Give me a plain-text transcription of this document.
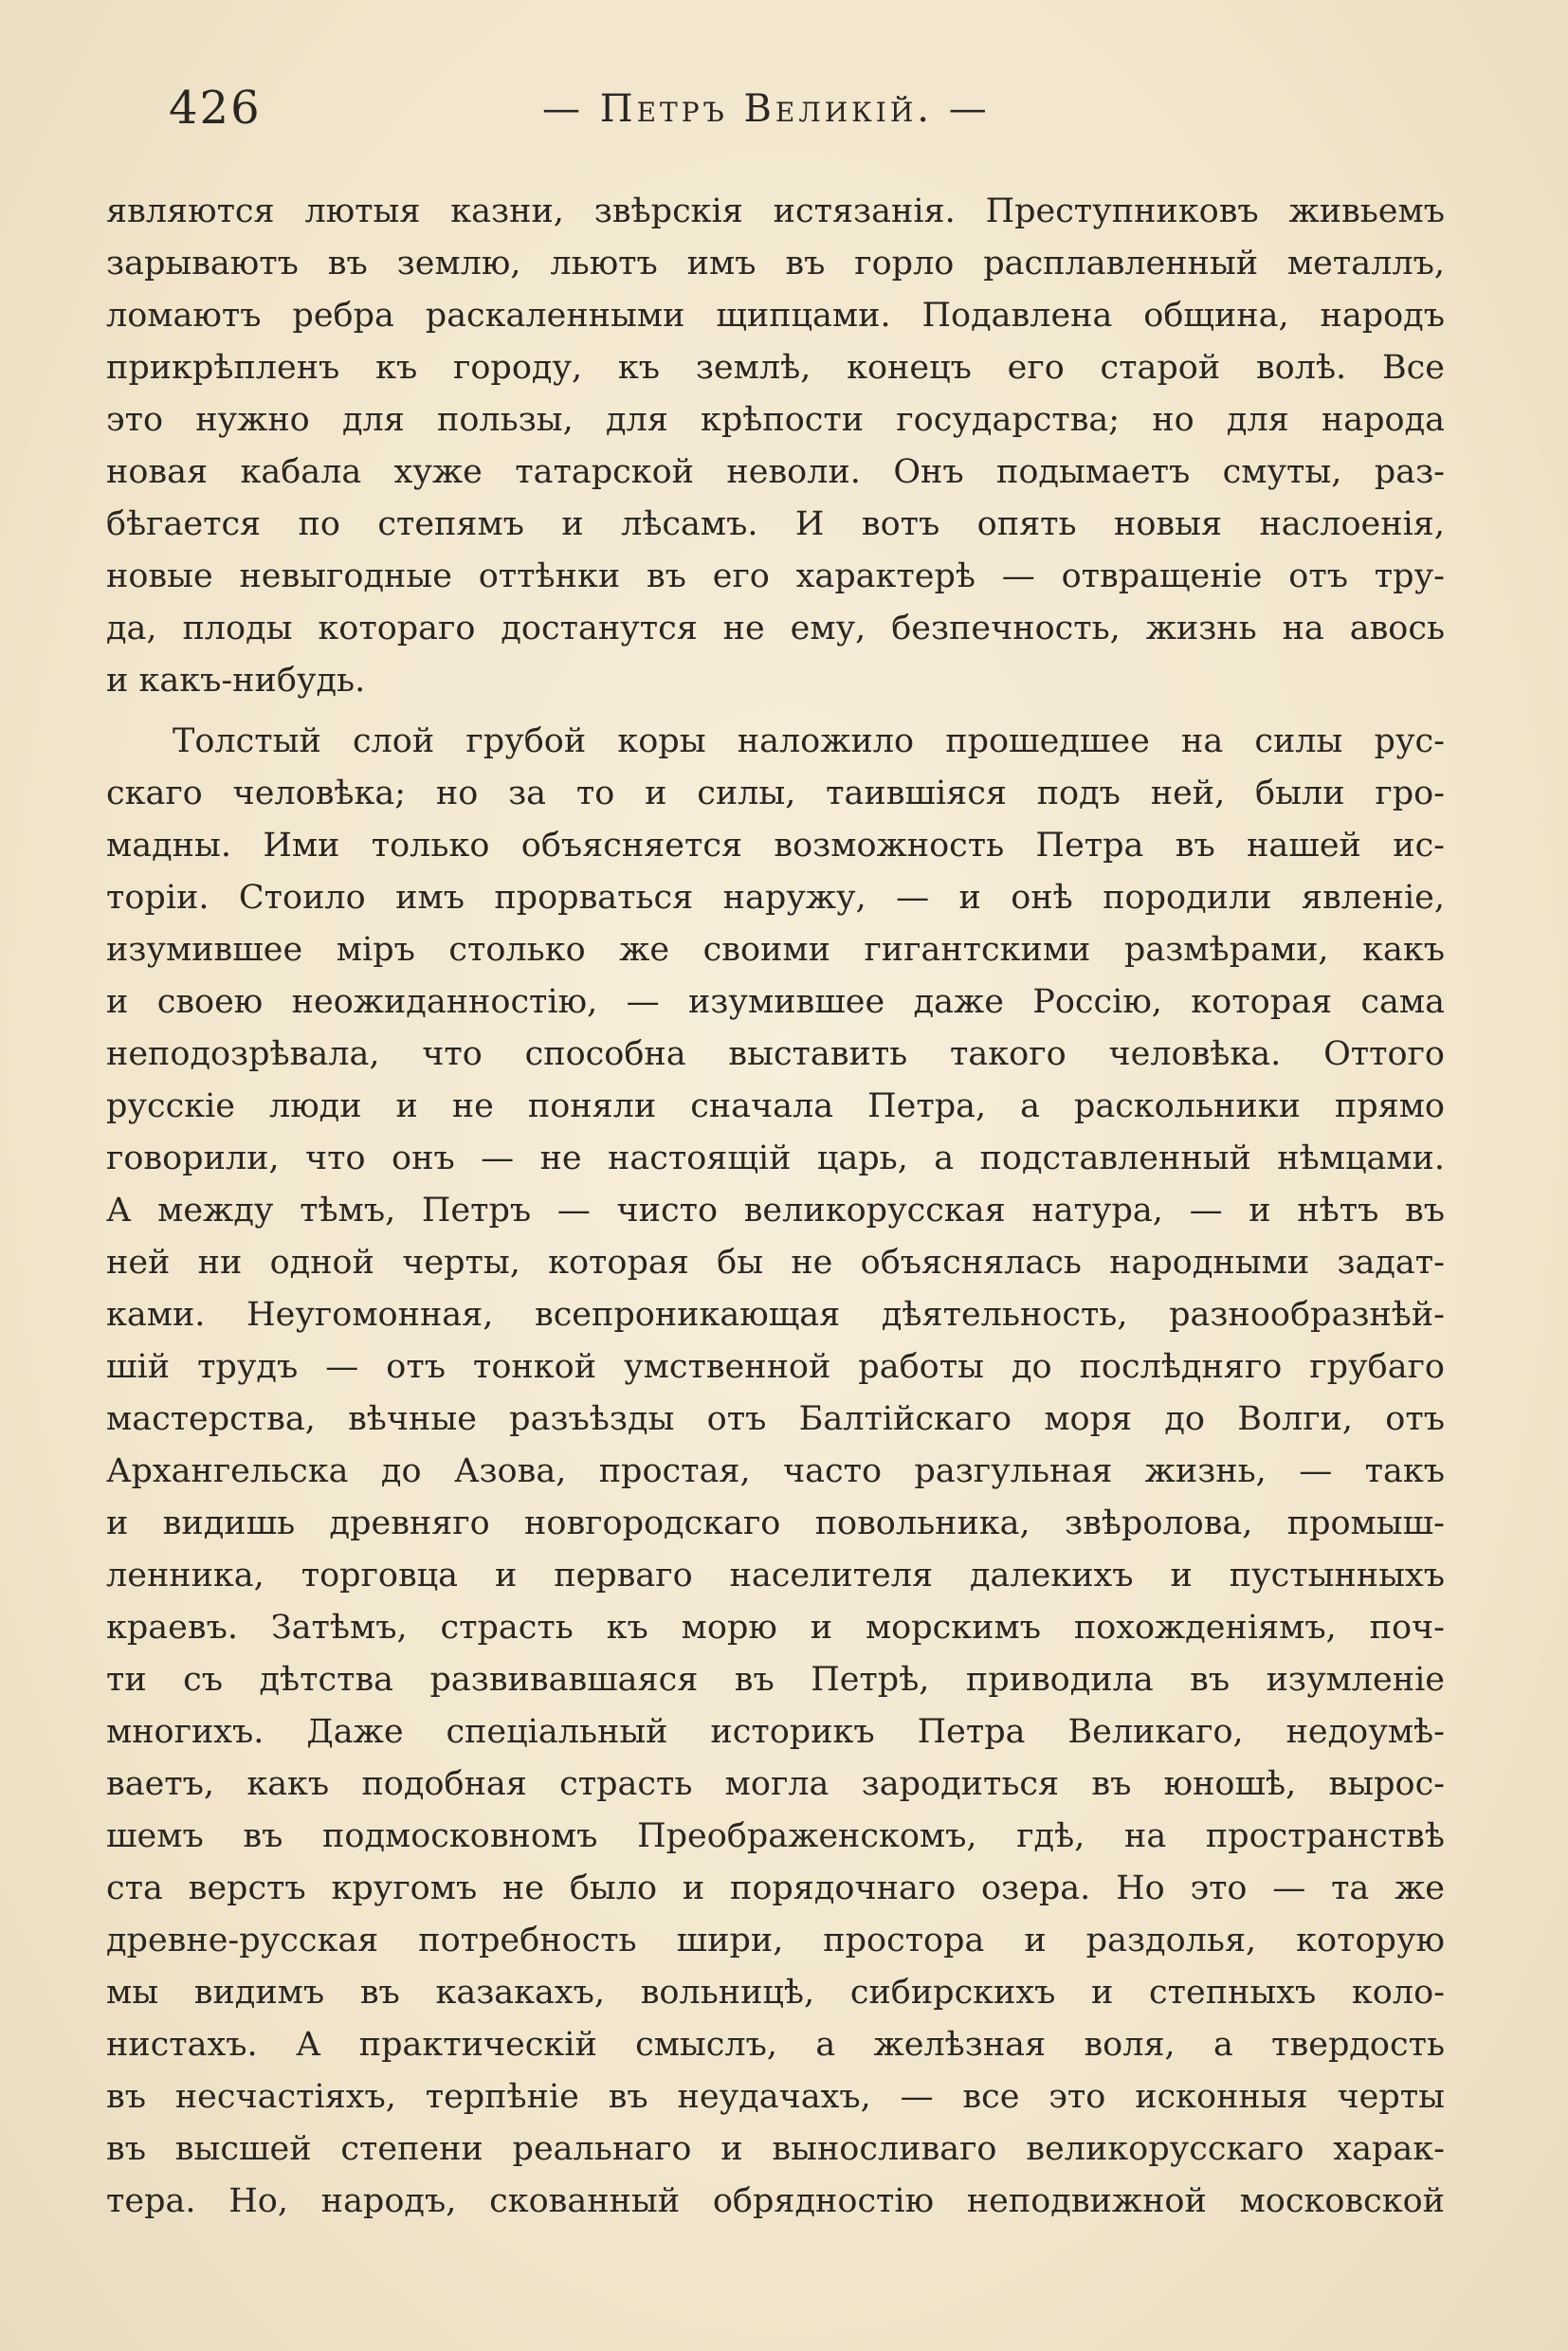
426	— Петръ Великій. —
являются лютыя казни, звѣрскія истязанія. Преступниковъ живьемъ
зарываютъ въ землю, льютъ имъ въ горло расплавленный металлъ,
ломаютъ ребра раскаленными щипцами. Подавлена община, народъ
прикрѣпленъ къ городу, къ землѣ, конецъ его старой волѣ. Все
это нужно для пользы, для крѣпости государства; но для народа
новая кабала хуже татарской неволи. Онъ подымаетъ смуты, раз-
бѣгается по степямъ и лѣсамъ. И вотъ опять новыя наслоенія,
новые невыгодные оттѣнки въ его характерѣ — отвращеніе отъ тру-
да, плоды котораго достанутся не ему, безпечность, жизнь на авось
и какъ-нибудь.
Толстый слой грубой коры наложило прошедшее на силы рус-
скаго человѣка; но за то и силы, таившіяся подъ ней, были гро-
мадны. Ими только объясняется возможность Петра въ нашей ис-
торіи. Стоило имъ прорваться наружу, — и онѣ породили явленіе,
изумившее міръ столько же своими гигантскими размѣрами, какъ
и своею неожиданностію, — изумившее даже Россію, которая сама
неподозрѣвала, что способна выставить такого человѣка. Оттого
русскіе люди и не поняли сначала Петра, а раскольники прямо
говорили, что онъ — не настоящій царь, а подставленный нѣмцами.
А между тѣмъ, Петръ — чисто великорусская натура, — и нѣтъ въ
ней ни одной черты, которая бы не объяснялась народными задат-
ками. Неугомонная, всепроникающая дѣятельность, разнообразнѣй-
шій трудъ — отъ тонкой умственной работы до послѣдняго грубаго
мастерства, вѣчные разъѣзды отъ Балтійскаго моря до Волги, отъ
Архангельска до Азова, простая, часто разгульная жизнь, — такъ
и видишь древняго новгородскаго повольника, звѣролова, промыш-
ленника, торговца и перваго населителя далекихъ и пустынныхъ
краевъ. Затѣмъ, страсть къ морю и морскимъ похожденіямъ, поч-
ти съ дѣтства развивавшаяся въ Петрѣ, приводила въ изумленіе
многихъ. Даже спеціальный историкъ Петра Великаго, недоумѣ-
ваетъ, какъ подобная страсть могла зародиться въ юношѣ, вырос-
шемъ въ подмосковномъ Преображенскомъ, гдѣ, на пространствѣ
ста верстъ кругомъ не было и порядочнаго озера. Но это — та же
древне-русская потребность шири, простора и раздолья, которую
мы видимъ въ казакахъ, вольницѣ, сибирскихъ и степныхъ коло-
нистахъ. А практическій смыслъ, а желѣзная воля, а твердость
въ несчастіяхъ, терпѣніе въ неудачахъ, — все это исконныя черты
въ высшей степени реальнаго и выносливаго великорусскаго харак-
тера. Но, народъ, скованный обрядностію неподвижной московской
